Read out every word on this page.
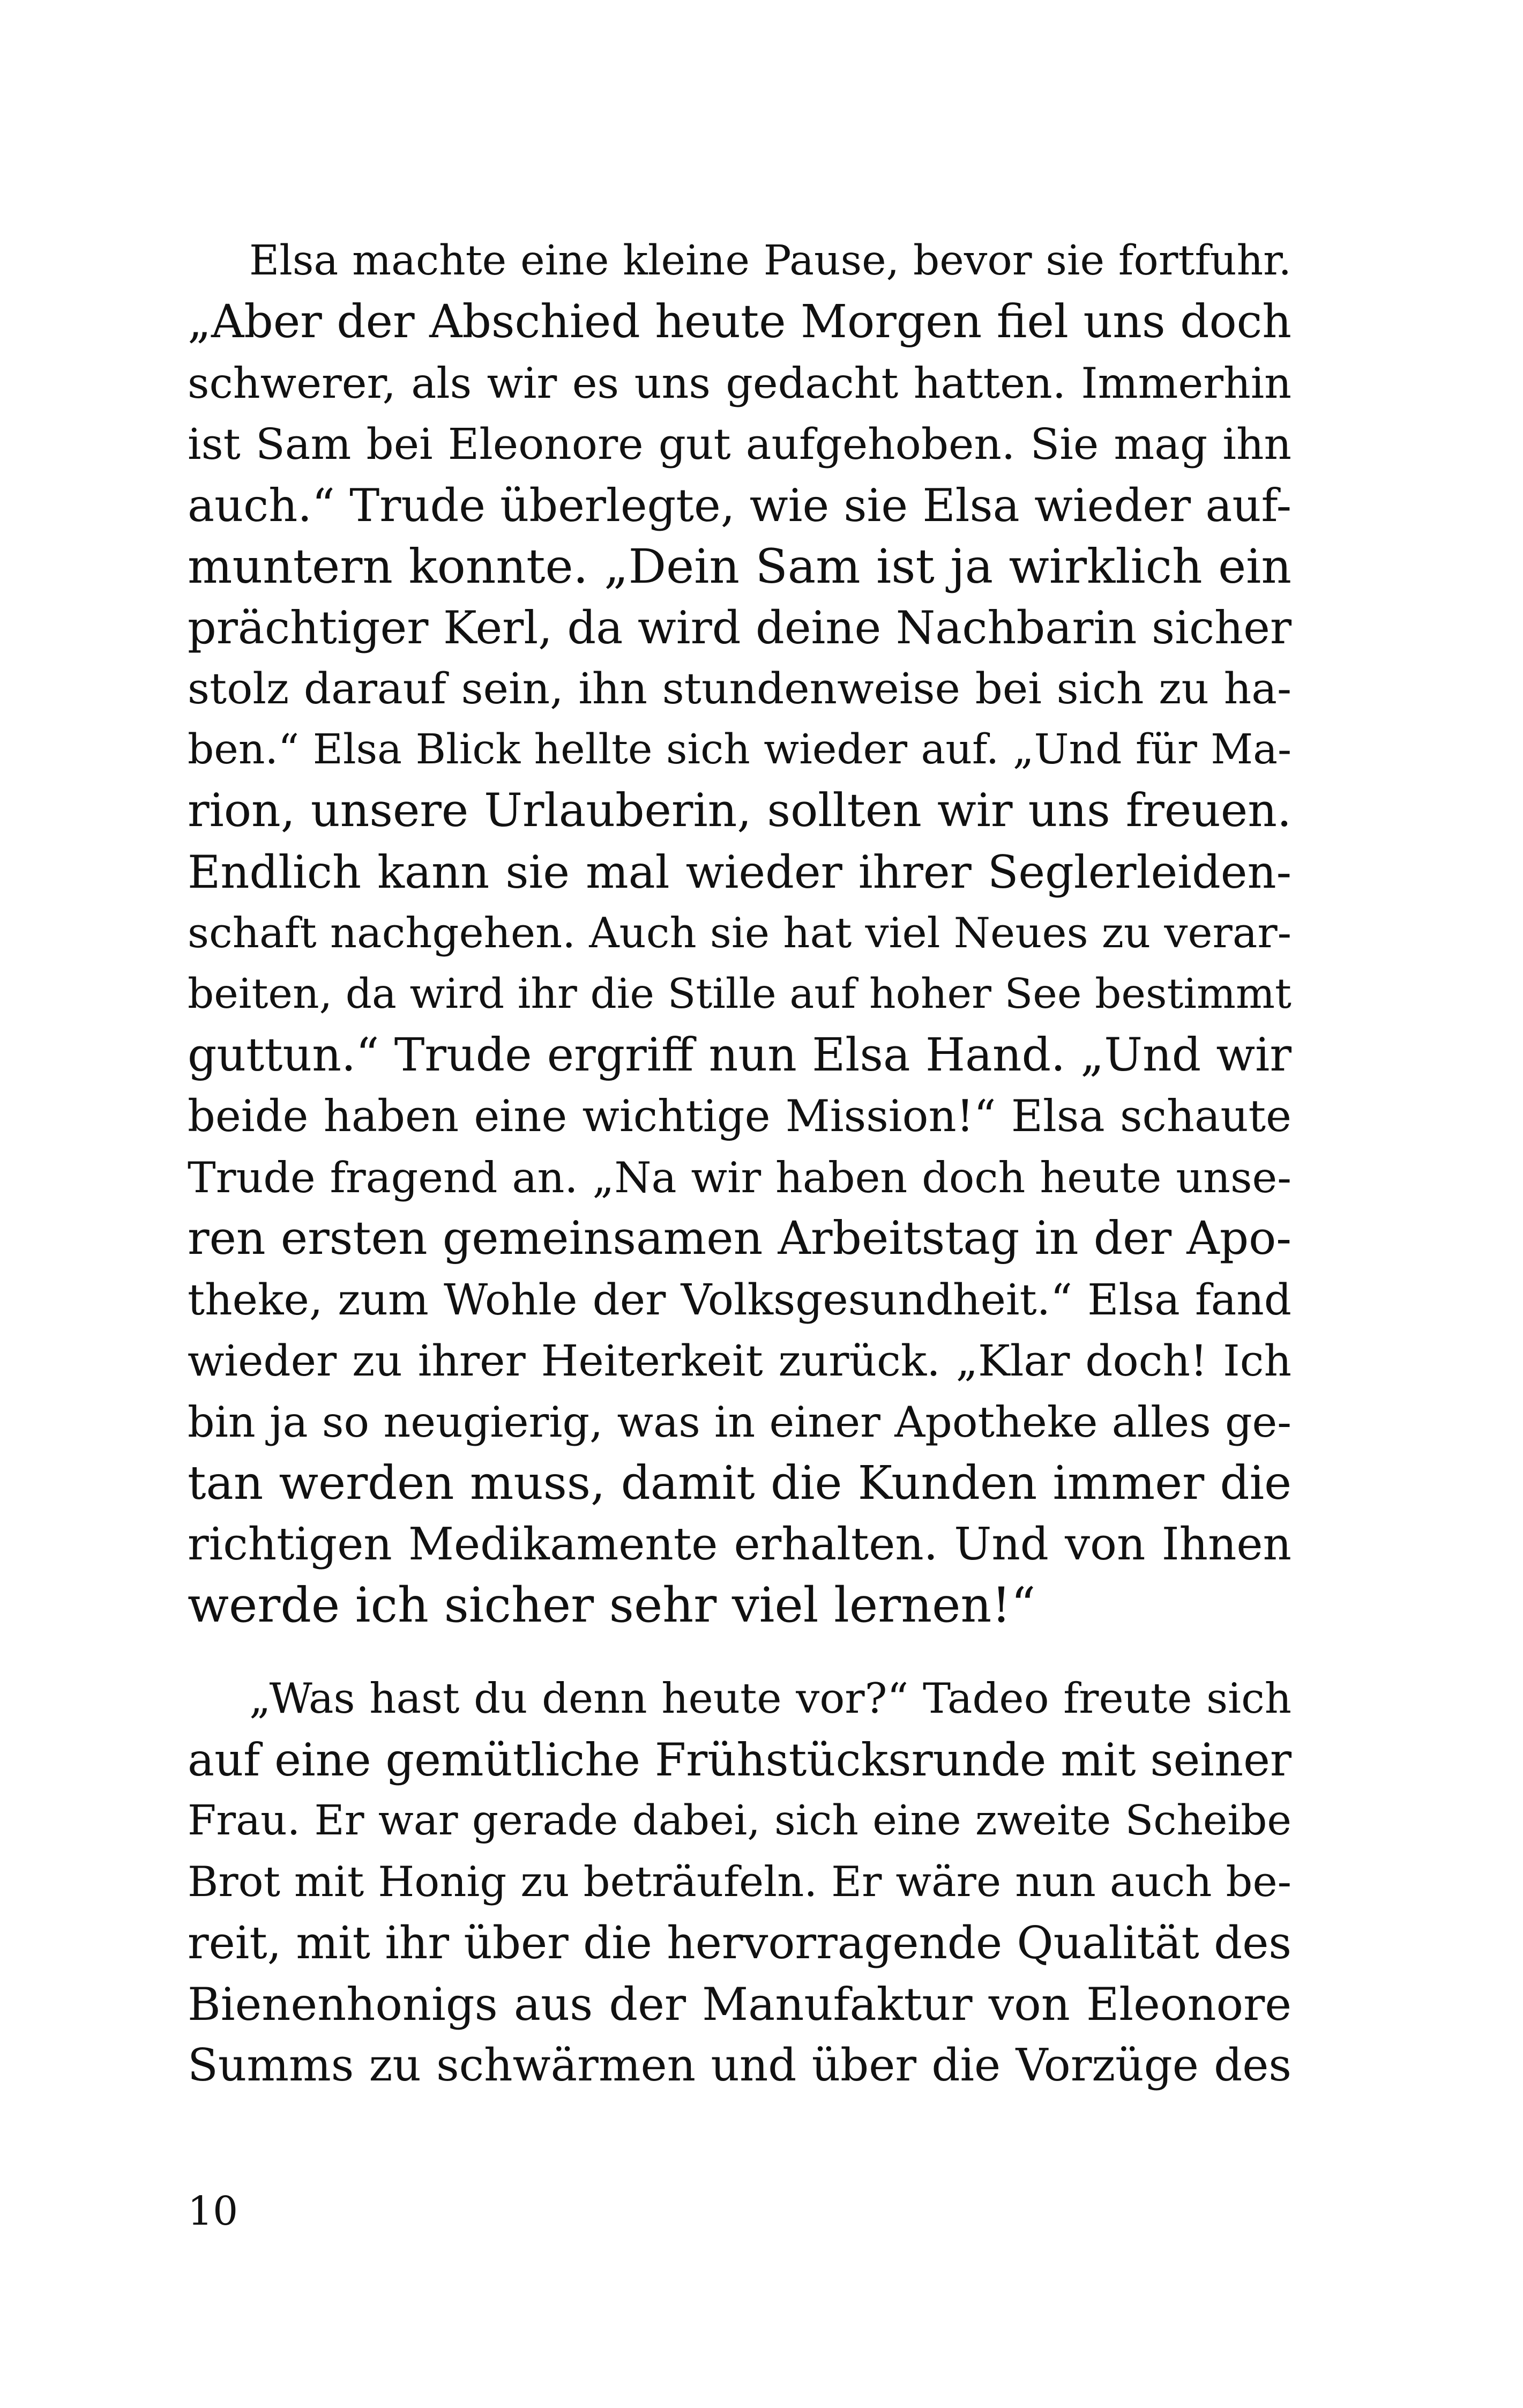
Elsa machte eine kleine Pause, bevor sie fortfuhr.
„Aber der Abschied heute Morgen fiel uns doch
schwerer, als wir es uns gedacht hatten. Immerhin
ist Sam bei Eleonore gut aufgehoben. Sie mag ihn
auch.“ Trude überlegte, wie sie Elsa wieder auf-
muntern konnte. „Dein Sam ist ja wirklich ein
prächtiger Kerl, da wird deine Nachbarin sicher
stolz darauf sein, ihn stundenweise bei sich zu ha-
ben.“ Elsa Blick hellte sich wieder auf. „Und für Ma-
rion, unsere Urlauberin, sollten wir uns freuen.
Endlich kann sie mal wieder ihrer Seglerleiden-
schaft nachgehen. Auch sie hat viel Neues zu verar-
beiten, da wird ihr die Stille auf hoher See bestimmt
guttun.“ Trude ergriff nun Elsa Hand. „Und wir
beide haben eine wichtige Mission!“ Elsa schaute
Trude fragend an. „Na wir haben doch heute unse-
ren ersten gemeinsamen Arbeitstag in der Apo-
theke, zum Wohle der Volksgesundheit.“ Elsa fand
wieder zu ihrer Heiterkeit zurück. „Klar doch! Ich
bin ja so neugierig, was in einer Apotheke alles ge-
tan werden muss, damit die Kunden immer die
richtigen Medikamente erhalten. Und von Ihnen
werde ich sicher sehr viel lernen!“

„Was hast du denn heute vor?“ Tadeo freute sich
auf eine gemütliche Frühstücksrunde mit seiner
Frau. Er war gerade dabei, sich eine zweite Scheibe
Brot mit Honig zu beträufeln. Er wäre nun auch be-
reit, mit ihr über die hervorragende Qualität des
Bienenhonigs aus der Manufaktur von Eleonore
Summs zu schwärmen und über die Vorzüge des

10
